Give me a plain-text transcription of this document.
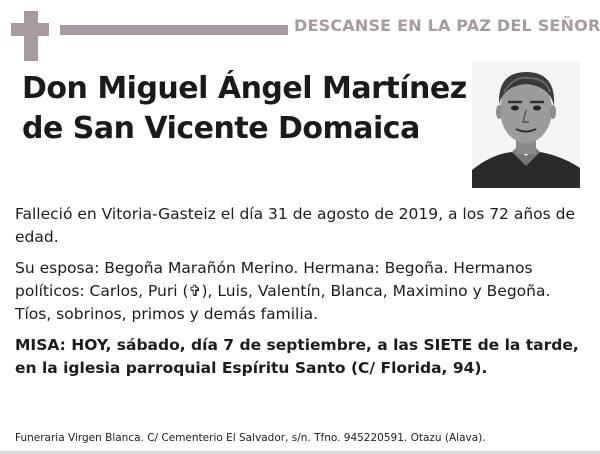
DESCANSE EN LA PAZ DEL SEÑOR
Don Miguel Ángel Martínez
de San Vicente Domaica

Falleció en Vitoria-Gasteiz el día 31 de agosto de 2019, a los 72 años de edad.

Su esposa: Begoña Marañón Merino. Hermana: Begoña. Hermanos políticos: Carlos, Puri (✞), Luis, Valentín, Blanca, Maximino y Begoña. Tíos, sobrinos, primos y demás familia.

MISA: HOY, sábado, día 7 de septiembre, a las SIETE de la tarde, en la iglesia parroquial Espíritu Santo (C/ Florida, 94).

Funeraria Virgen Blanca. C/ Cementerio El Salvador, s/n. Tfno. 945220591. Otazu (Alava).
